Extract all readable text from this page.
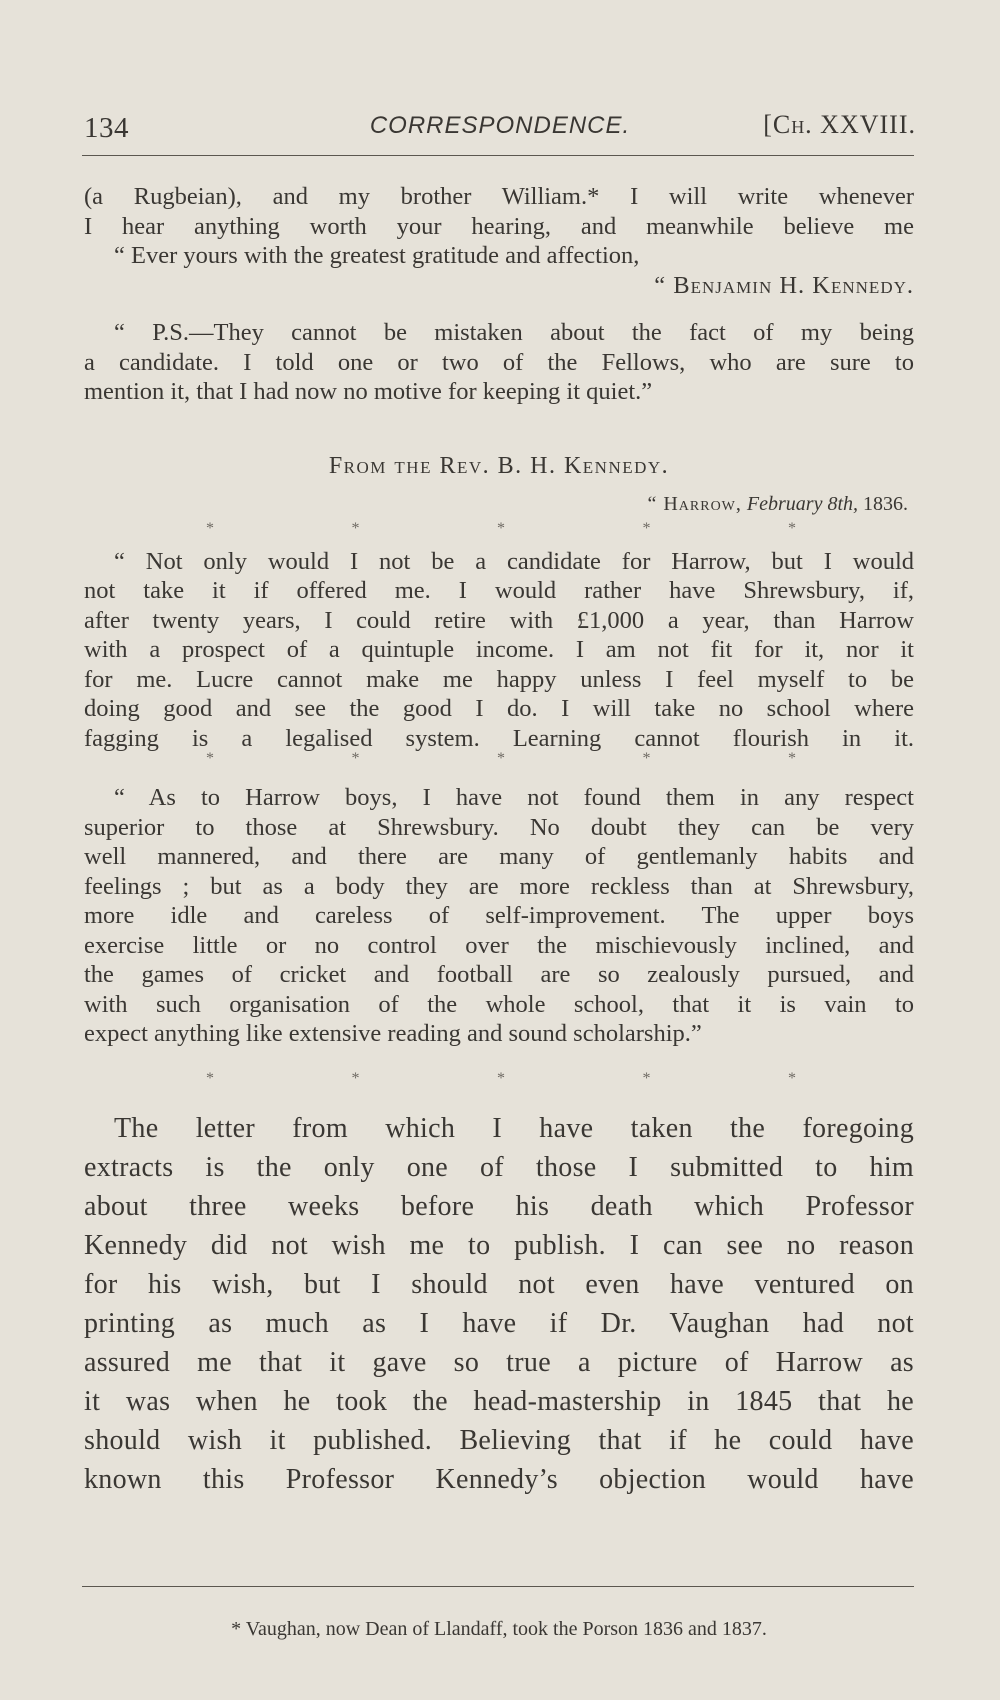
134	CORRESPONDENCE.	[Ch. XXVIII.

(a Rugbeian), and my brother William.* I will write whenever

I hear anything worth your hearing, and meanwhile believe me

“ Ever yours with the greatest gratitude and affection,

“ Benjamin H. Kennedy.

“ P.S.—They cannot be mistaken about the fact of my being

a candidate. I told one or two of the Fellows, who are sure to

mention it, that I had now no motive for keeping it quiet.”

From the Rev. B. H. Kennedy.

“ Harrow, February 8th, 1836.

*	*	*	*	*

“ Not only would I not be a candidate for Harrow, but I would

not take it if offered me. I would rather have Shrewsbury, if,

after twenty years, I could retire with £1,000 a year, than Harrow

with a prospect of a quintuple income. I am not fit for it, nor it

for me. Lucre cannot make me happy unless I feel myself to be

doing good and see the good I do. I will take no school where

fagging is a legalised system. Learning cannot flourish in it.

*	*	*	*	*

“ As to Harrow boys, I have not found them in any respect

superior to those at Shrewsbury. No doubt they can be very

well mannered, and there are many of gentlemanly habits and

feelings ; but as a body they are more reckless than at Shrewsbury,

more idle and careless of self-improvement. The upper boys

exercise little or no control over the mischievously inclined, and

the games of cricket and football are so zealously pursued, and

with such organisation of the whole school, that it is vain to

expect anything like extensive reading and sound scholarship.”

*	*	*	*	*

The letter from which I have taken the foregoing

extracts is the only one of those I submitted to him

about three weeks before his death which Professor

Kennedy did not wish me to publish. I can see no reason

for his wish, but I should not even have ventured on

printing as much as I have if Dr. Vaughan had not

assured me that it gave so true a picture of Harrow as

it was when he took the head-mastership in 1845 that he

should wish it published. Believing that if he could have

known this Professor Kennedy’s objection would have

* Vaughan, now Dean of Llandaff, took the Porson 1836 and 1837.
